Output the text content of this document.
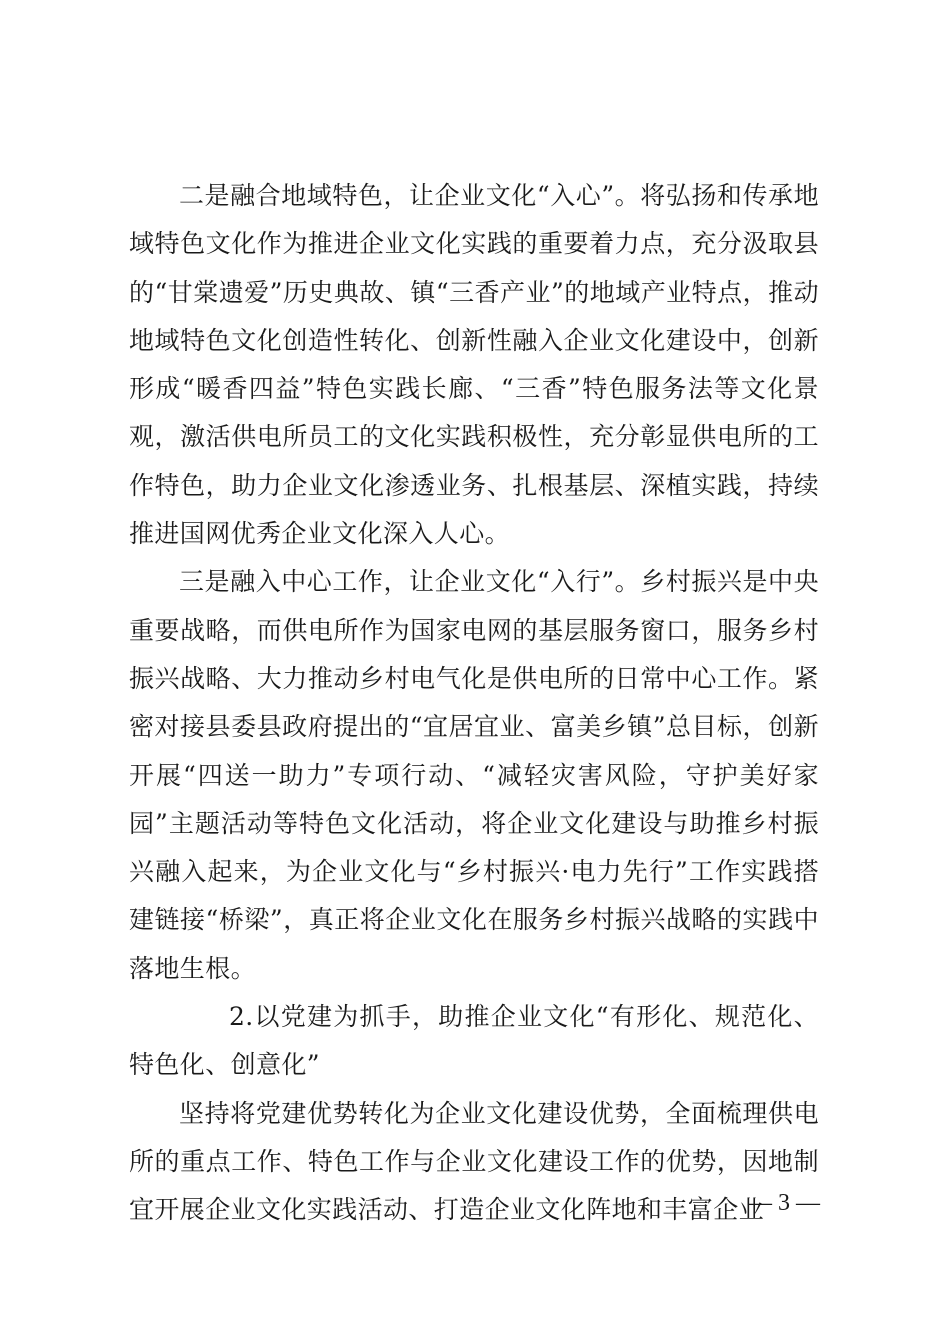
二是融合地域特色，让企业文化“入心”。将弘扬和传承地域特色文化作为推进企业文化实践的重要着力点，充分汲取县的“甘棠遗爱”历史典故、镇“三香产业”的地域产业特点，推动地域特色文化创造性转化、创新性融入企业文化建设中，创新形成“暖香四益”特色实践长廊、“三香”特色服务法等文化景观，激活供电所员工的文化实践积极性，充分彰显供电所的工作特色，助力企业文化渗透业务、扎根基层、深植实践，持续推进国网优秀企业文化深入人心。

三是融入中心工作，让企业文化“入行”。乡村振兴是中央重要战略，而供电所作为国家电网的基层服务窗口，服务乡村振兴战略、大力推动乡村电气化是供电所的日常中心工作。紧密对接县委县政府提出的“宜居宜业、富美乡镇”总目标，创新开展“四送一助力”专项行动、“减轻灾害风险，守护美好家园”主题活动等特色文化活动，将企业文化建设与助推乡村振兴融入起来，为企业文化与“乡村振兴·电力先行”工作实践搭建链接“桥梁”，真正将企业文化在服务乡村振兴战略的实践中落地生根。

2.以党建为抓手，助推企业文化“有形化、规范化、特色化、创意化”

坚持将党建优势转化为企业文化建设优势，全面梳理供电所的重点工作、特色工作与企业文化建设工作的优势，因地制宜开展企业文化实践活动、打造企业文化阵地和丰富企业

— 3 —
